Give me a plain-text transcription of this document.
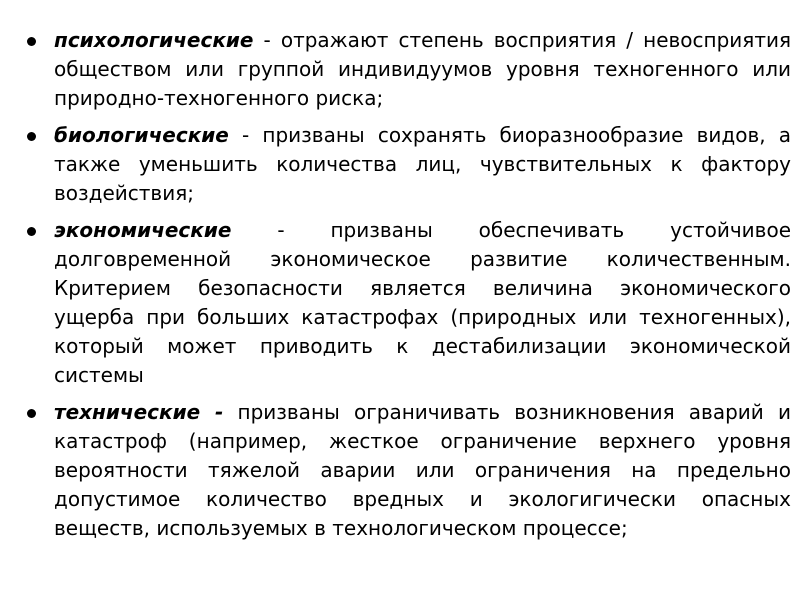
психологические - отражают степень восприятия / невосприятия обществом или группой индивидуумов уровня техногенного или природно-техногенного риска;
биологические - призваны сохранять биоразнообразие видов, а также уменьшить количества лиц, чувствительных к фактору воздействия;
экономические - призваны обеспечивать устойчивое долговременной экономическое развитие количественным. Критерием безопасности является величина экономического ущерба при больших катастрофах (природных или техногенных), который может приводить к дестабилизации экономической системы
технические - призваны ограничивать возникновения аварий и катастроф (например, жесткое ограничение верхнего уровня вероятности тяжелой аварии или ограничения на предельно допустимое количество вредных и экологигически опасных веществ, используемых в технологическом процессе;
